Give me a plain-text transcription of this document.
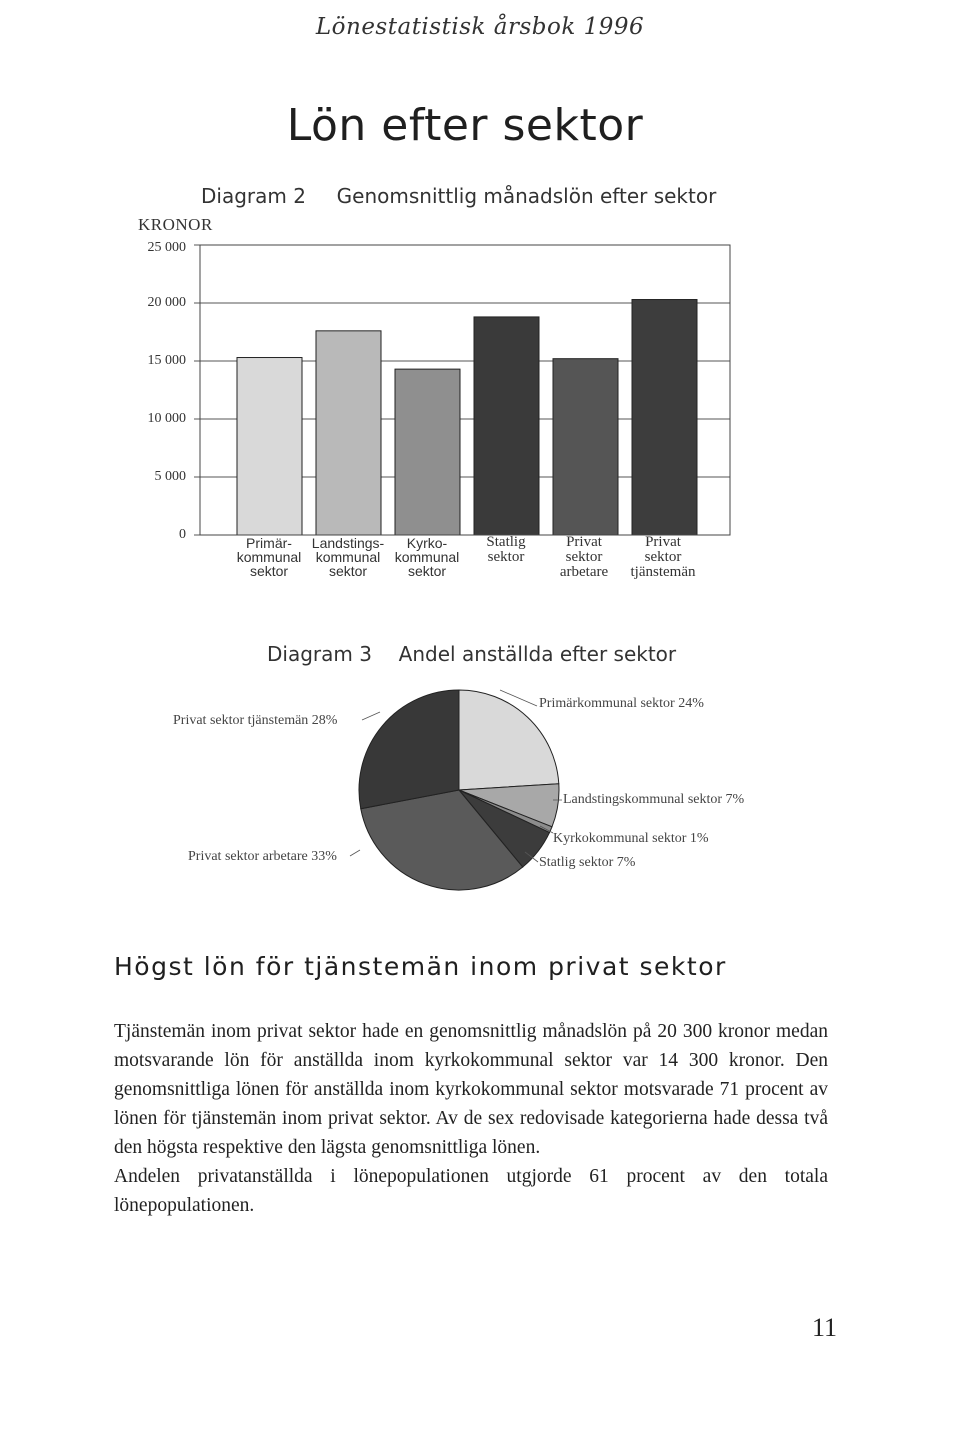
Lönestatistisk årsbok 1996
Lön efter sektor
Diagram 2 Genomsnittlig månadslön efter sektor
KRONOR
25 000
20 000
15 000
10 000
5 000
0
Primär-
kommunal
sektor
Landstings-
kommunal
sektor
Kyrko-
kommunal
sektor
Statlig
sektor
Privat
sektor
arbetare
Privat
sektor
tjänstemän
Diagram 3 Andel anställda efter sektor
Primärkommunal sektor 24%
Landstingskommunal sektor 7%
Kyrkokommunal sektor 1%
Statlig sektor 7%
Privat sektor arbetare 33%
Privat sektor tjänstemän 28%
Högst lön för tjänstemän inom privat sektor

Tjänstemän inom privat sektor hade en genomsnittlig månadslön på 20 300 kronor medan motsvarande lön för anställda inom kyrkokommunal sektor var 14 300 kronor. Den genomsnittliga lönen för anställda inom kyrkokommunal sektor motsvarade 71 procent av lönen för tjänstemän inom privat sektor. Av de sex redovisade kategorierna hade dessa två den högsta respektive den lägsta genomsnittliga lönen.

Andelen privatanställda i lönepopulationen utgjorde 61 procent av den totala lönepopulationen.

11
